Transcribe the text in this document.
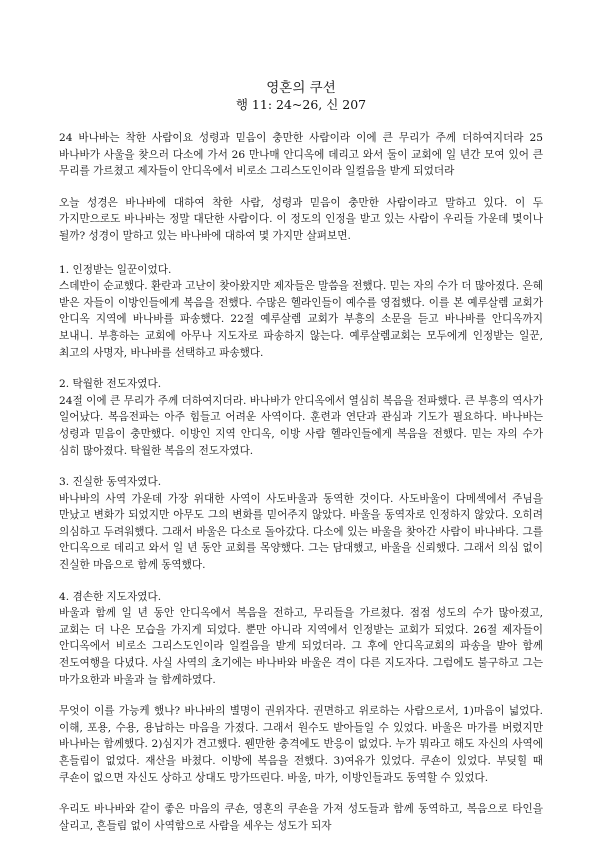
영혼의 쿠션
행 11: 24~26, 신 207

24 바나바는 착한 사람이요 성령과 믿음이 충만한 사람이라 이에 큰 무리가 주께 더하여지더라 25 바나바가 사울을 찾으러 다소에 가서 26 만나매 안디옥에 데리고 와서 둘이 교회에 일 년간 모여 있어 큰 무리를 가르쳤고 제자들이 안디옥에서 비로소 그리스도인이라 일컬음을 받게 되었더라

오늘 성경은 바나바에 대하여 착한 사람, 성령과 믿음이 충만한 사람이라고 말하고 있다. 이 두 가지만으로도 바나바는 정말 대단한 사람이다. 이 정도의 인정을 받고 있는 사람이 우리들 가운데 몇이나 될까? 성경이 말하고 있는 바나바에 대하여 몇 가지만 살펴보면.

1. 인정받는 일꾼이었다.

스데반이 순교했다. 환란과 고난이 찾아왔지만 제자들은 말씀을 전했다. 믿는 자의 수가 더 많아졌다. 은혜 받은 자들이 이방인들에게 복음을 전했다. 수많은 헬라인들이 예수를 영접했다. 이를 본 예루살렘 교회가 안디옥 지역에 바나바를 파송했다. 22절 예루살렘 교회가 부흥의 소문을 듣고 바나바를 안디옥까지 보내니. 부흥하는 교회에 아무나 지도자로 파송하지 않는다. 예루살렘교회는 모두에게 인정받는 일꾼, 최고의 사명자, 바나바를 선택하고 파송했다.

2. 탁월한 전도자였다.

24절 이에 큰 무리가 주께 더하여지더라. 바나바가 안디옥에서 열심히 복음을 전파했다. 큰 부흥의 역사가 일어났다. 복음전파는 아주 힘들고 어려운 사역이다. 훈련과 연단과 관심과 기도가 필요하다. 바나바는 성령과 믿음이 충만했다. 이방인 지역 안디옥, 이방 사람 헬라인들에게 복음을 전했다. 믿는 자의 수가 심히 많아졌다. 탁월한 복음의 전도자였다.

3. 진실한 동역자였다.

바나바의 사역 가운데 가장 위대한 사역이 사도바울과 동역한 것이다. 사도바울이 다메섹에서 주님을 만났고 변화가 되었지만 아무도 그의 변화를 믿어주지 않았다. 바울을 동역자로 인정하지 않았다. 오히려 의심하고 두려워했다. 그래서 바울은 다소로 돌아갔다. 다소에 있는 바울을 찾아간 사람이 바나바다. 그를 안디옥으로 데리고 와서 일 년 동안 교회를 목양했다. 그는 담대했고, 바울을 신뢰했다. 그래서 의심 없이 진실한 마음으로 함께 동역했다.

4. 겸손한 지도자였다.

바울과 함께 일 년 동안 안디옥에서 복음을 전하고, 무리들을 가르쳤다. 점점 성도의 수가 많아졌고, 교회는 더 나은 모습을 가지게 되었다. 뿐만 아니라 지역에서 인정받는 교회가 되었다. 26절 제자들이 안디옥에서 비로소 그리스도인이라 일컬음을 받게 되었더라. 그 후에 안디옥교회의 파송을 받아 함께 전도여행을 다녔다. 사실 사역의 초기에는 바나바와 바울은 격이 다른 지도자다. 그럼에도 불구하고 그는 마가요한과 바울과 늘 함께하였다.

무엇이 이를 가능케 했나? 바나바의 별명이 권위자다. 권면하고 위로하는 사람으로서, 1)마음이 넓었다. 이해, 포용, 수용, 용납하는 마음을 가졌다. 그래서 원수도 받아들일 수 있었다. 바울은 마가를 버렸지만 바나바는 함께했다. 2)심지가 견고했다. 웬만한 충격에도 반응이 없었다. 누가 뭐라고 해도 자신의 사역에 흔들림이 없었다. 재산을 바쳤다. 이방에 복음을 전했다. 3)여유가 있었다. 쿠숀이 있었다. 부딪힐 때 쿠숀이 없으면 자신도 상하고 상대도 망가뜨린다. 바울, 마가, 이방인들과도 동역할 수 있었다.

우리도 바나바와 같이 좋은 마음의 쿠숀, 영혼의 쿠숀을 가져 성도들과 함께 동역하고, 복음으로 타인을 살리고, 흔들림 없이 사역함으로 사람을 세우는 성도가 되자
